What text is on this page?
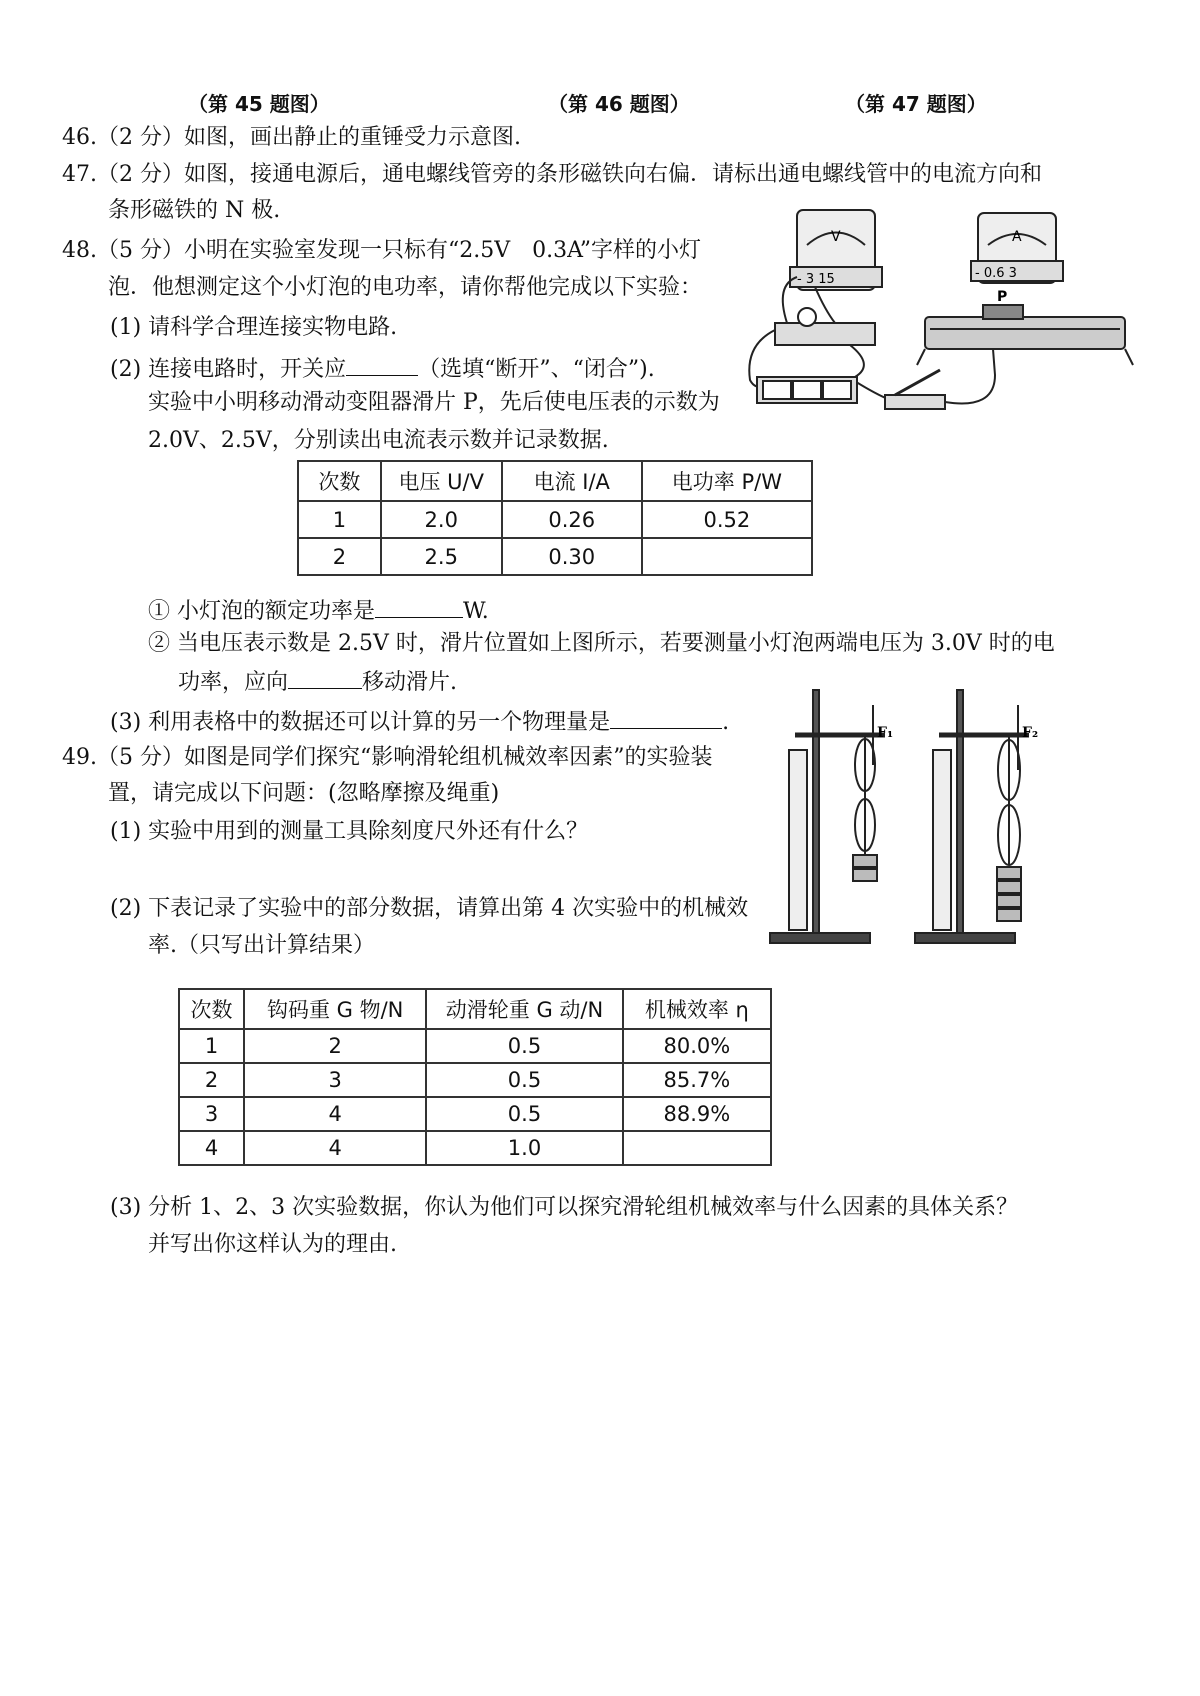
（第 45 题图）	（第 46 题图）	（第 47 题图）
46.（2 分）如图，画出静止的重锤受力示意图.
47.（2 分）如图，接通电源后，通电螺线管旁的条形磁铁向右偏．请标出通电螺线管中的电流方向和
条形磁铁的 N 极.
48.（5 分）小明在实验室发现一只标有“2.5V　0.3A”字样的小灯
泡．他想测定这个小灯泡的电功率，请你帮他完成以下实验：
(1) 请科学合理连接实物电路.
(2) 连接电路时，开关应	（选填“断开”、“闭合”).
实验中小明移动滑动变阻器滑片 P，先后使电压表的示数为
2.0V、2.5V，分别读出电流表示数并记录数据.
次数	电压 U/V	电流 I/A	电功率 P/W
1	2.0	0.26	0.52
2	2.5	0.30	
① 小灯泡的额定功率是	W.
② 当电压表示数是 2.5V 时，滑片位置如上图所示，若要测量小灯泡两端电压为 3.0V 时的电
功率，应向	移动滑片.
(3) 利用表格中的数据还可以计算的另一个物理量是	.
V
- 3 15
A
- 0.6 3
P
49.（5 分）如图是同学们探究“影响滑轮组机械效率因素”的实验装
置，请完成以下问题：(忽略摩擦及绳重)
(1) 实验中用到的测量工具除刻度尺外还有什么？
(2) 下表记录了实验中的部分数据，请算出第 4 次实验中的机械效
率.（只写出计算结果）
F₁	F₂
次数	钩码重 G 物/N	动滑轮重 G 动/N	机械效率 η
1	2	0.5	80.0%
2	3	0.5	85.7%
3	4	0.5	88.9%
4	4	1.0	
(3) 分析 1、2、3 次实验数据，你认为他们可以探究滑轮组机械效率与什么因素的具体关系？
并写出你这样认为的理由.
